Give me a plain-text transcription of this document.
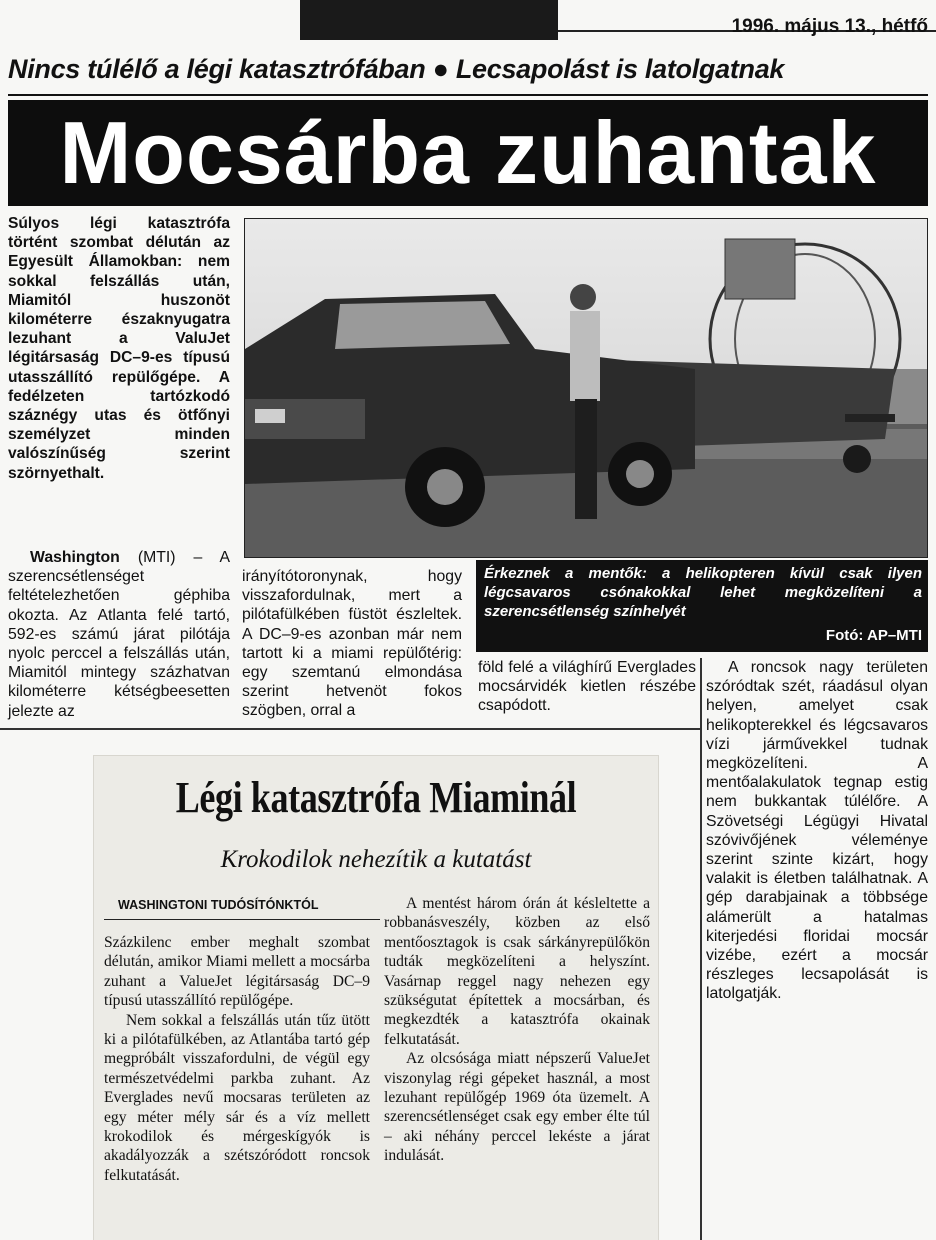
1996. május 13., hétfő
Nincs túlélő a légi katasztrófában ● Lecsapolást is latolgatnak
Mocsárba zuhantak
Súlyos légi katasztrófa történt szombat délután az Egyesült Államokban: nem sokkal felszállás után, Miamitól huszonöt kilométerre északnyugatra lezuhant a ValuJet légitársaság DC–9-es típusú utasszállító repülőgépe. A fedélzeten tartózkodó száznégy utas és ötfőnyi személyzet minden valószínűség szerint szörnyethalt.
Érkeznek a mentők: a helikopteren kívül csak ilyen légcsavaros csónakokkal lehet megközelíteni a szerencsétlenség színhelyét
Fotó: AP–MTI

Washington (MTI) – A szerencsétlenséget feltételezhetően géphiba okozta. Az Atlanta felé tartó, 592-es számú járat pilótája nyolc perccel a felszállás után, Miamitól mintegy százhatvan kilométerre kétségbeesetten jelezte az

irányítótoronynak, hogy visszafordulnak, mert a pilótafülkében füstöt észleltek. A DC–9-es azonban már nem tartott ki a miami repülőtérig: egy szemtanú elmondása szerint hetvenöt fokos szögben, orral a
föld felé a világhírű Everglades mocsárvidék kietlen részébe csapódott.

A roncsok nagy területen szóródtak szét, ráadásul olyan helyen, amelyet csak helikopterekkel és légcsavaros vízi járművekkel tudnak megközelíteni. A mentőalakulatok tegnap estig nem bukkantak túlélőre. A Szövetségi Légügyi Hivatal szóvivőjének véleménye szerint szinte kizárt, hogy valakit is életben találhatnak. A gép darabjainak a többsége alámerült a hatalmas kiterjedési floridai mocsár vizébe, ezért a mocsár részleges lecsapolását is latolgatják.

Légi katasztrófa Miaminál
Krokodilok nehezítik a kutatást
WASHINGTONI TUDÓSÍTÓNKTÓL

Százkilenc ember meghalt szombat délután, amikor Miami mellett a mocsárba zuhant a ValueJet légitársaság DC–9 típusú utasszállító repülőgépe.

Nem sokkal a felszállás után tűz ütött ki a pilótafülkében, az Atlantába tartó gép megpróbált visszafordulni, de végül egy természetvédelmi parkba zuhant. Az Everglades nevű mocsaras területen az egy méter mély sár és a víz mellett krokodilok és mérgeskígyók is akadályozzák a szétszóródott roncsok felkutatását.

A mentést három órán át késleltette a robbanásveszély, közben az első mentőosztagok is csak sárkányrepülőkön tudták megközelíteni a helyszínt. Vasárnap reggel nagy nehezen egy szükségutat építettek a mocsárban, és megkezdték a katasztrófa okainak felkutatását.

Az olcsósága miatt népszerű ValueJet viszonylag régi gépeket használ, a most lezuhant repülőgép 1969 óta üzemelt. A szerencsétlenséget csak egy ember élte túl – aki néhány perccel lekéste a járat indulását.
